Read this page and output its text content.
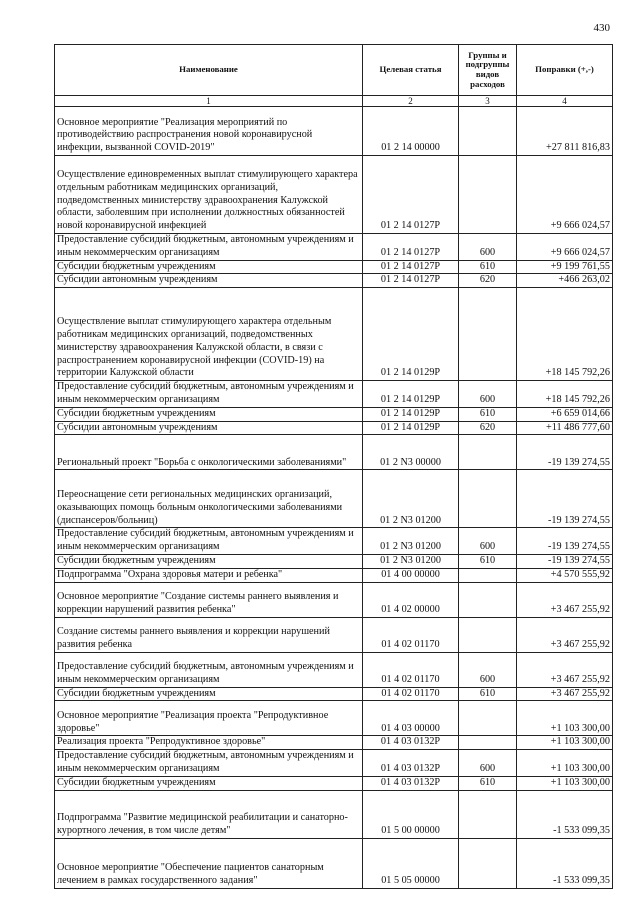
430
Наименование	Целевая статья	Группы и подгруппы видов расходов	Поправки (+,-)
1	2	3	4
Основное мероприятие "Реализация мероприятий по противодействию распространения новой коронавирусной инфекции, вызванной COVID-2019"	01 2 14 00000		+27 811 816,83
Осуществление единовременных выплат стимулирующего характера отдельным работникам медицинских организаций, подведомственных министерству здравоохранения Калужской области, заболевшим при исполнении должностных обязанностей новой коронавирусной инфекцией	01 2 14 0127P		+9 666 024,57
Предоставление субсидий бюджетным, автономным учреждениям и иным некоммерческим организациям	01 2 14 0127P	600	+9 666 024,57
Субсидии бюджетным учреждениям	01 2 14 0127P	610	+9 199 761,55
Субсидии автономным учреждениям	01 2 14 0127P	620	+466 263,02
Осуществление выплат стимулирующего характера отдельным работникам медицинских организаций, подведомственных министерству здравоохранения Калужской области, в связи с распространением коронавирусной инфекции (COVID-19) на территории Калужской области	01 2 14 0129P		+18 145 792,26
Предоставление субсидий бюджетным, автономным учреждениям и иным некоммерческим организациям	01 2 14 0129P	600	+18 145 792,26
Субсидии бюджетным учреждениям	01 2 14 0129P	610	+6 659 014,66
Субсидии автономным учреждениям	01 2 14 0129P	620	+11 486 777,60
Региональный проект "Борьба с онкологическими заболеваниями"	01 2 N3 00000		-19 139 274,55
Переоснащение сети региональных медицинских организаций, оказывающих помощь больным онкологическими заболеваниями (диспансеров/больниц)	01 2 N3 01200		-19 139 274,55
Предоставление субсидий бюджетным, автономным учреждениям и иным некоммерческим организациям	01 2 N3 01200	600	-19 139 274,55
Субсидии бюджетным учреждениям	01 2 N3 01200	610	-19 139 274,55
Подпрограмма "Охрана здоровья матери и ребенка"	01 4 00 00000		+4 570 555,92
Основное мероприятие "Создание системы раннего выявления и коррекции нарушений развития ребенка"	01 4 02 00000		+3 467 255,92
Создание системы раннего выявления и коррекции нарушений развития ребенка	01 4 02 01170		+3 467 255,92
Предоставление субсидий бюджетным, автономным учреждениям и иным некоммерческим организациям	01 4 02 01170	600	+3 467 255,92
Субсидии бюджетным учреждениям	01 4 02 01170	610	+3 467 255,92
Основное мероприятие "Реализация проекта "Репродуктивное здоровье"	01 4 03 00000		+1 103 300,00
Реализация проекта "Репродуктивное здоровье"	01 4 03 0132P		+1 103 300,00
Предоставление субсидий бюджетным, автономным учреждениям и иным некоммерческим организациям	01 4 03 0132P	600	+1 103 300,00
Субсидии бюджетным учреждениям	01 4 03 0132P	610	+1 103 300,00
Подпрограмма "Развитие медицинской реабилитации и санаторно-курортного лечения, в том числе детям"	01 5 00 00000		-1 533 099,35
Основное мероприятие "Обеспечение пациентов санаторным лечением в рамках государственного задания"	01 5 05 00000		-1 533 099,35
